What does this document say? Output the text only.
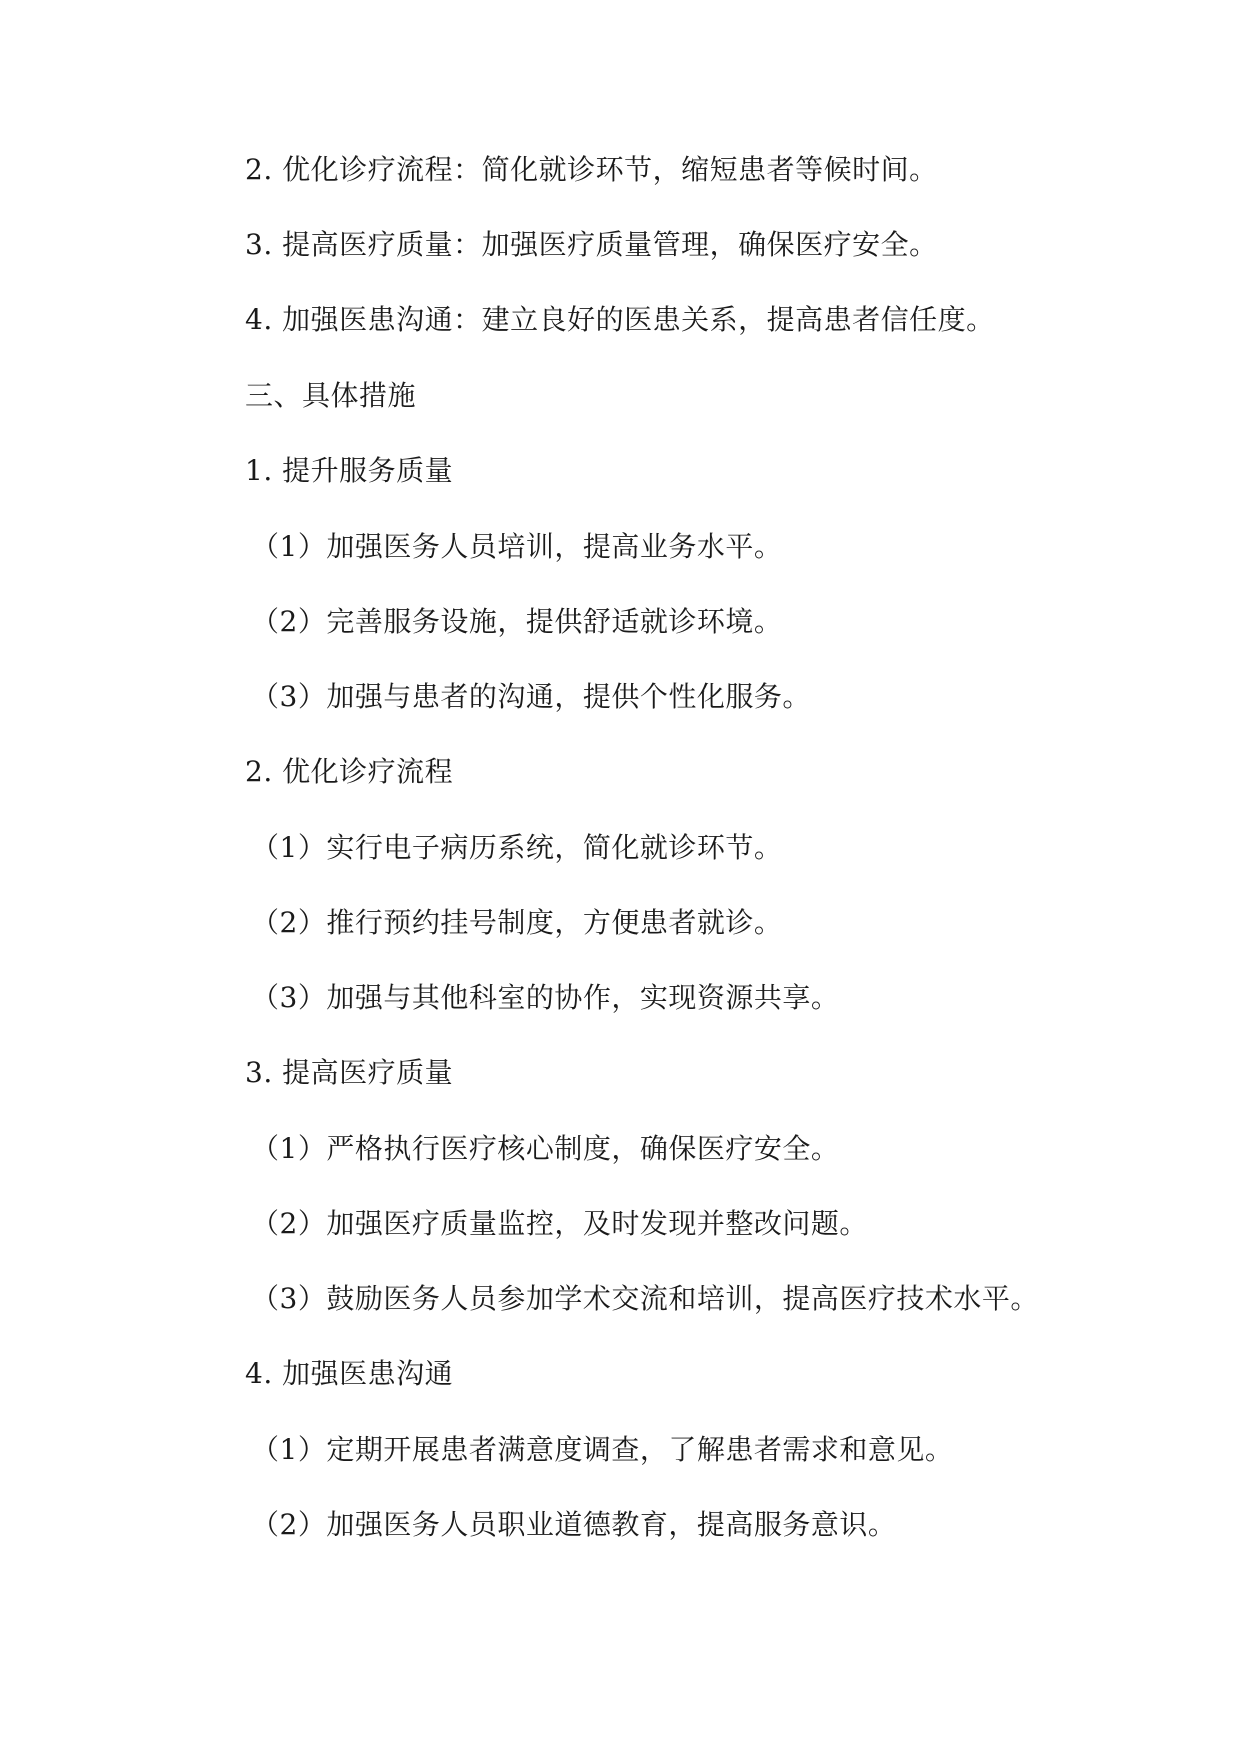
2. 优化诊疗流程：简化就诊环节，缩短患者等候时间。
3. 提高医疗质量：加强医疗质量管理，确保医疗安全。
4. 加强医患沟通：建立良好的医患关系，提高患者信任度。
三、具体措施
1. 提升服务质量
（1）加强医务人员培训，提高业务水平。
（2）完善服务设施，提供舒适就诊环境。
（3）加强与患者的沟通，提供个性化服务。
2. 优化诊疗流程
（1）实行电子病历系统，简化就诊环节。
（2）推行预约挂号制度，方便患者就诊。
（3）加强与其他科室的协作，实现资源共享。
3. 提高医疗质量
（1）严格执行医疗核心制度，确保医疗安全。
（2）加强医疗质量监控，及时发现并整改问题。
（3）鼓励医务人员参加学术交流和培训，提高医疗技术水平。
4. 加强医患沟通
（1）定期开展患者满意度调查，了解患者需求和意见。
（2）加强医务人员职业道德教育，提高服务意识。
